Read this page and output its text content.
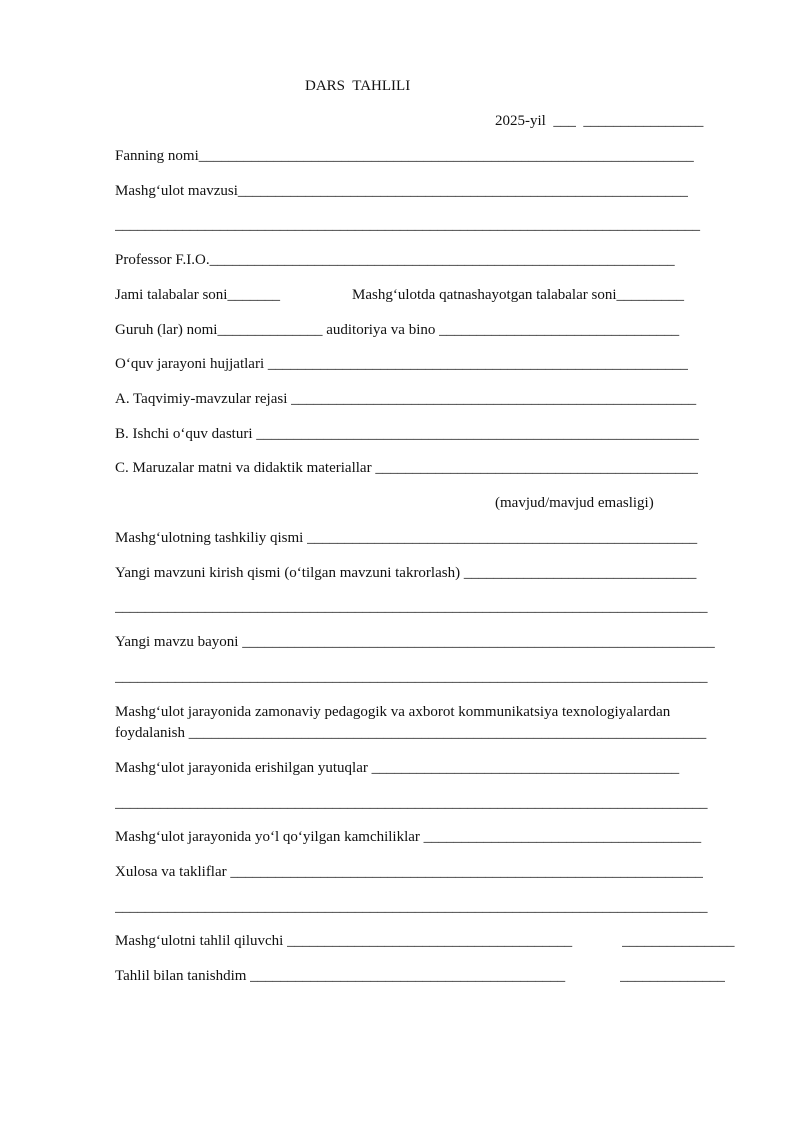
DARS  TAHLILI
2025-yil  ___  ________________
Fanning nomi__________________________________________________________________
Mashg‘ulot mavzusi____________________________________________________________
______________________________________________________________________________
Professor F.I.O.______________________________________________________________
Jami talabalar soni_______	Mashg‘ulotda qatnashayotgan talabalar soni_________
Guruh (lar) nomi______________ auditoriya va bino ________________________________
O‘quv jarayoni hujjatlari ________________________________________________________
A. Taqvimiy-mavzular rejasi ______________________________________________________
B. Ishchi o‘quv dasturi ___________________________________________________________
C. Maruzalar matni va didaktik materiallar ___________________________________________
(mavjud/mavjud emasligi)
Mashg‘ulotning tashkiliy qismi ____________________________________________________
Yangi mavzuni kirish qismi (o‘tilgan mavzuni takrorlash) _______________________________
_______________________________________________________________________________
Yangi mavzu bayoni _______________________________________________________________
_______________________________________________________________________________
Mashg‘ulot jarayonida zamonaviy pedagogik va axborot kommunikatsiya texnologiyalardan
foydalanish _____________________________________________________________________
Mashg‘ulot jarayonida erishilgan yutuqlar _________________________________________
_______________________________________________________________________________
Mashg‘ulot jarayonida yo‘l qo‘yilgan kamchiliklar _____________________________________
Xulosa va takliflar _______________________________________________________________
_______________________________________________________________________________
Mashg‘ulotni tahlil qiluvchi ______________________________________	_______________
Tahlil bilan tanishdim __________________________________________	______________
